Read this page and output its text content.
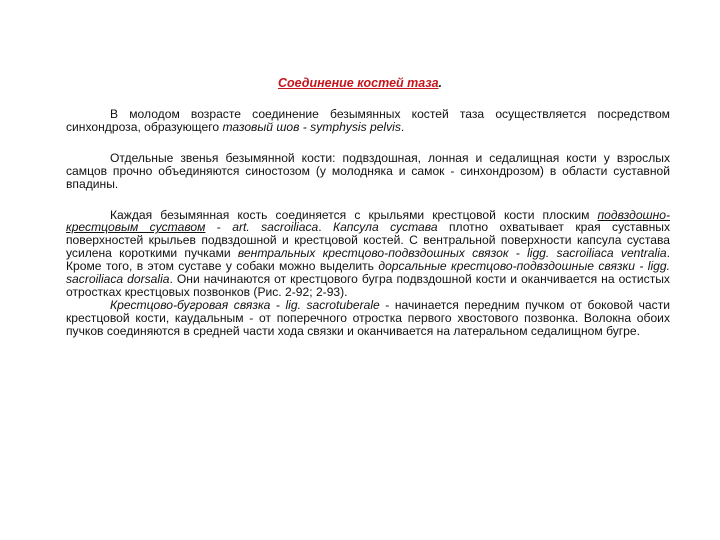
Соединение костей таза.

В молодом возрасте соединение безымянных костей таза осуществляется посредством синхондроза, образующего тазовый шов - symphysis pelvis.

Отдельные звенья безымянной кости: подвздошная, лонная и седалищная кости у взрослых самцов прочно объединяются синостозом (у молодняка и самок - синхондрозом) в области суставной впадины.

Каждая безымянная кость соединяется с крыльями крестцовой кости плоским подвздошно-крестцовым суставом - art. sacroiliaca. Капсула сустава плотно охватывает края суставных поверхностей крыльев подвздошной и крестцовой костей. С вентральной поверхности капсула сустава усилена короткими пучками вентральных крестцово-подвздошных связок - ligg. sacroiliaca ventralia. Кроме того, в этом суставе у собаки можно выделить дорсальные крестцово-подвздошные связки - ligg. sacroiliaca dorsalia. Они начинаются от крестцового бугра подвздошной кости и оканчивается на остистых отростках крестцовых позвонков (Рис. 2-92; 2-93).

Крестцово-бугровая связка - lig. sacrotuberale - начинается передним пучком от боковой части крестцовой кости, каудальным - от поперечного отростка первого хвостового позвонка. Волокна обоих пучков соединяются в средней части хода связки и оканчивается на латеральном седалищном бугре.
